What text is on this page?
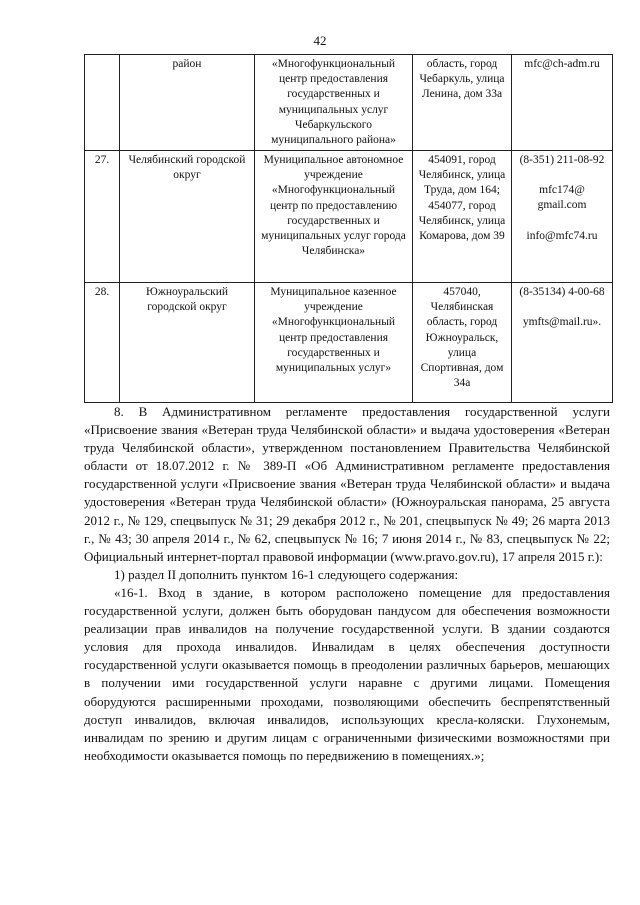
42
	район	«Многофункциональный центр предоставления государственных и муниципальных услуг Чебаркульского муниципального района»	область, город Чебаркуль, улица Ленина, дом 33а	mfc@ch-adm.ru

27.	Челябинский городской округ	Муниципальное автономное учреждение «Многофункциональный центр по предоставлению государственных и муниципальных услуг города Челябинска»	454091, город Челябинск, улица Труда, дом 164; 454077, город Челябинск, улица Комарова, дом 39	(8-351) 211-08-92
mfc174@ gmail.com
info@mfc74.ru

28.	Южноуральский городской округ	Муниципальное казенное учреждение «Многофункциональный центр предоставления государственных и муниципальных услуг»	457040, Челябинская область, город Южноуральск, улица Спортивная, дом 34а	(8-35134) 4-00-68
ymfts@mail.ru».

8. В Административном регламенте предоставления государственной услуги «Присвоение звания «Ветеран труда Челябинской области» и выдача удостоверения «Ветеран труда Челябинской области», утвержденном постановлением Правительства Челябинской области от 18.07.2012 г. № 389-П «Об Административном регламенте предоставления государственной услуги «Присвоение звания «Ветеран труда Челябинской области» и выдача удостоверения «Ветеран труда Челябинской области» (Южноуральская панорама, 25 августа 2012 г., № 129, спецвыпуск № 31; 29 декабря 2012 г., № 201, спецвыпуск № 49; 26 марта 2013 г., № 43; 30 апреля 2014 г., № 62, спецвыпуск № 16; 7 июня 2014 г., № 83, спецвыпуск № 22; Официальный интернет-портал правовой информации (www.pravo.gov.ru), 17 апреля 2015 г.):

1) раздел II дополнить пунктом 16-1 следующего содержания:

«16-1. Вход в здание, в котором расположено помещение для предоставления государственной услуги, должен быть оборудован пандусом для обеспечения возможности реализации прав инвалидов на получение государственной услуги. В здании создаются условия для прохода инвалидов. Инвалидам в целях обеспечения доступности государственной услуги оказывается помощь в преодолении различных барьеров, мешающих в получении ими государственной услуги наравне с другими лицами. Помещения оборудуются расширенными проходами, позволяющими обеспечить беспрепятственный доступ инвалидов, включая инвалидов, использующих кресла-коляски. Глухонемым, инвалидам по зрению и другим лицам с ограниченными физическими возможностями при необходимости оказывается помощь по передвижению в помещениях.»;
